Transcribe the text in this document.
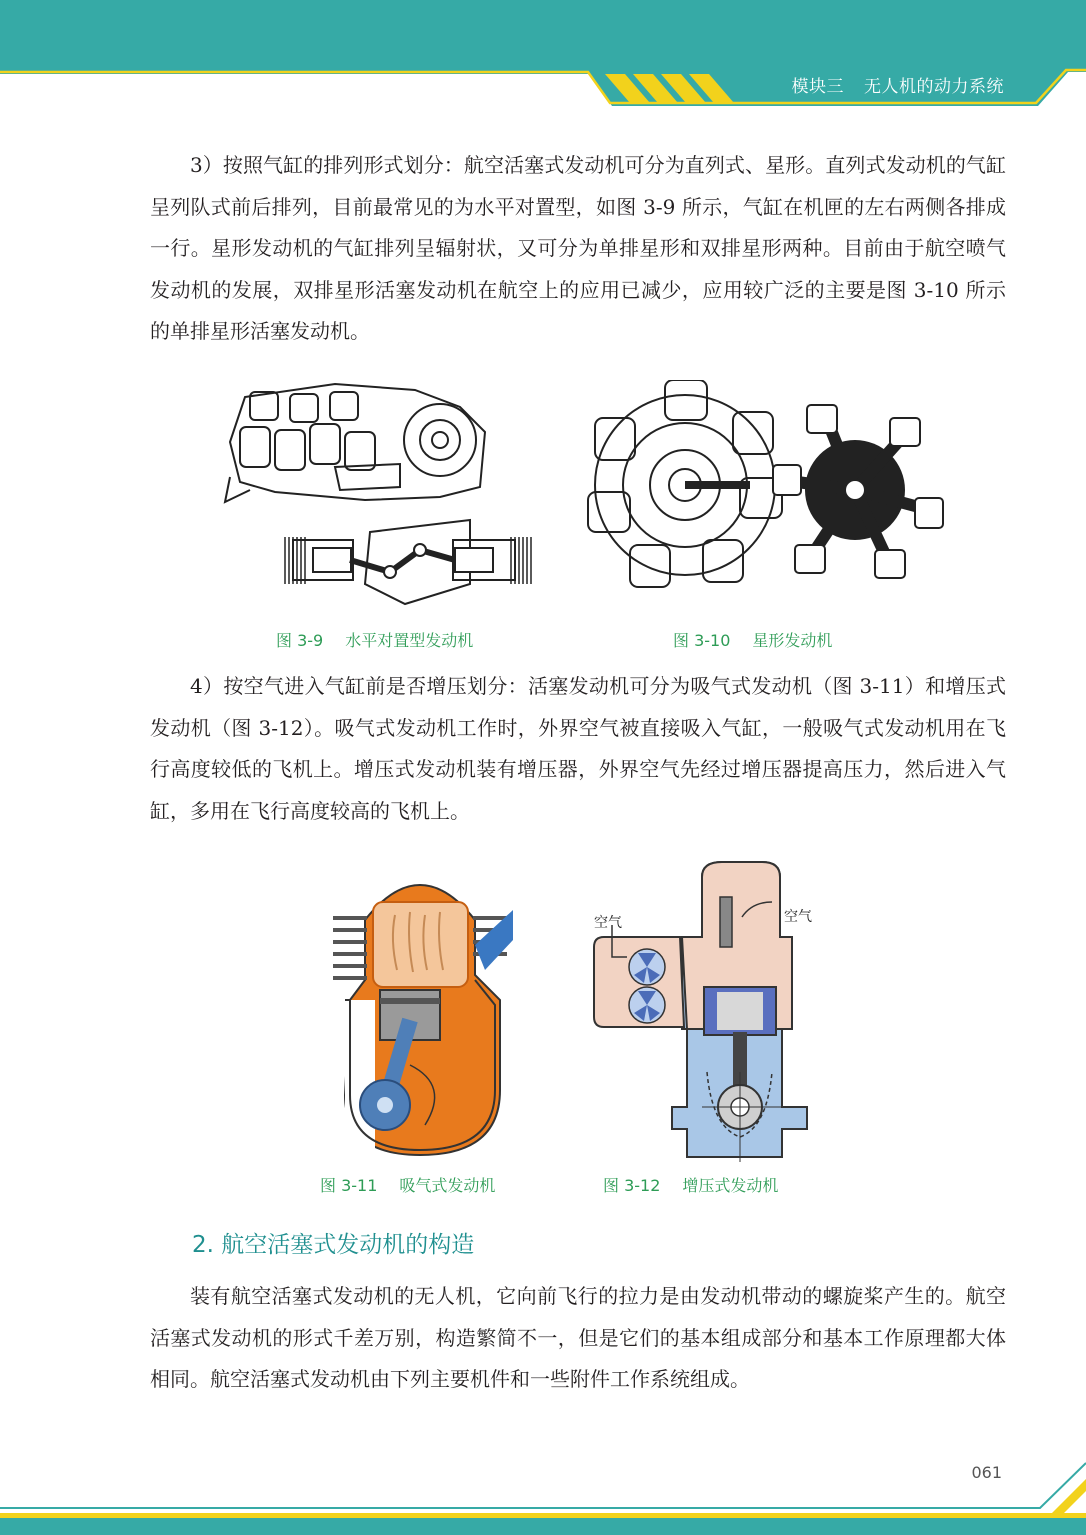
模块三 无人机的动力系统

3）按照气缸的排列形式划分：航空活塞式发动机可分为直列式、星形。直列式发动机的气缸呈列队式前后排列，目前最常见的为水平对置型，如图 3-9 所示，气缸在机匣的左右两侧各排成一行。星形发动机的气缸排列呈辐射状，又可分为单排星形和双排星形两种。目前由于航空喷气发动机的发展，双排星形活塞发动机在航空上的应用已减少，应用较广泛的主要是图 3-10 所示的单排星形活塞发动机。

图 3-9 水平对置型发动机	图 3-10 星形发动机

4）按空气进入气缸前是否增压划分：活塞发动机可分为吸气式发动机（图 3-11）和增压式发动机（图 3-12）。吸气式发动机工作时，外界空气被直接吸入气缸，一般吸气式发动机用在飞行高度较低的飞机上。增压式发动机装有增压器，外界空气先经过增压器提高压力，然后进入气缸，多用在飞行高度较高的飞机上。

空气	空气
图 3-11 吸气式发动机	图 3-12 增压式发动机
2. 航空活塞式发动机的构造

装有航空活塞式发动机的无人机，它向前飞行的拉力是由发动机带动的螺旋桨产生的。航空活塞式发动机的形式千差万别，构造繁简不一，但是它们的基本组成部分和基本工作原理都大体相同。航空活塞式发动机由下列主要机件和一些附件工作系统组成。

061
